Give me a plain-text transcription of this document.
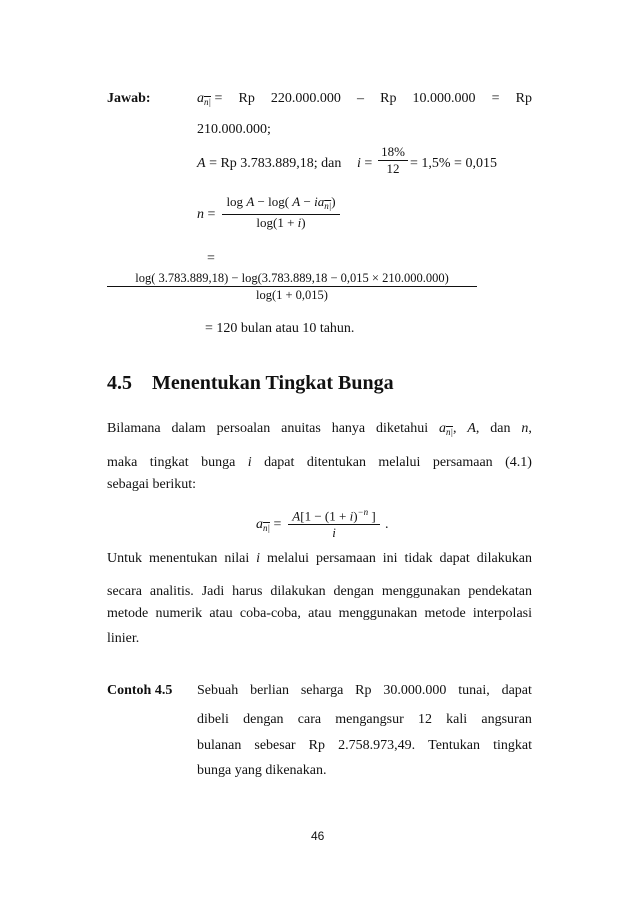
Jawab:	$a_{n|} = Rp$ 220.000.000 – Rp 10.000.000 = Rp
210.000.000;
A = Rp 3.783.889,18; dan i =
18%
12 = 1,5% = 0,015
n =
log A − log( $A - ia_{n|}$)
log(1 + i)
=
log( 3.783.889,18) − log(3.783.889,18 − 0,015 × 210.000.000)
log(1 + 0,015)
= 120 bulan atau 10 tahun.
4.5 Menentukan Tingkat Bunga
Bilamana dalam persoalan anuitas hanya diketahui $a_{n|}$, A, dan n,
maka tingkat bunga i dapat ditentukan melalui persamaan (4.1)
sebagai berikut:
$a_{n|}$ =
$A[1 - (1 + i)^{-n}$ ]
i
.
Untuk menentukan nilai i melalui persamaan ini tidak dapat dilakukan
secara analitis. Jadi harus dilakukan dengan menggunakan pendekatan
metode numerik atau coba-coba, atau menggunakan metode interpolasi
linier.
Contoh 4.5 Sebuah berlian seharga Rp 30.000.000 tunai, dapat
dibeli dengan cara mengangsur 12 kali angsuran
bulanan sebesar Rp 2.758.973,49. Tentukan tingkat
bunga yang dikenakan.
46
